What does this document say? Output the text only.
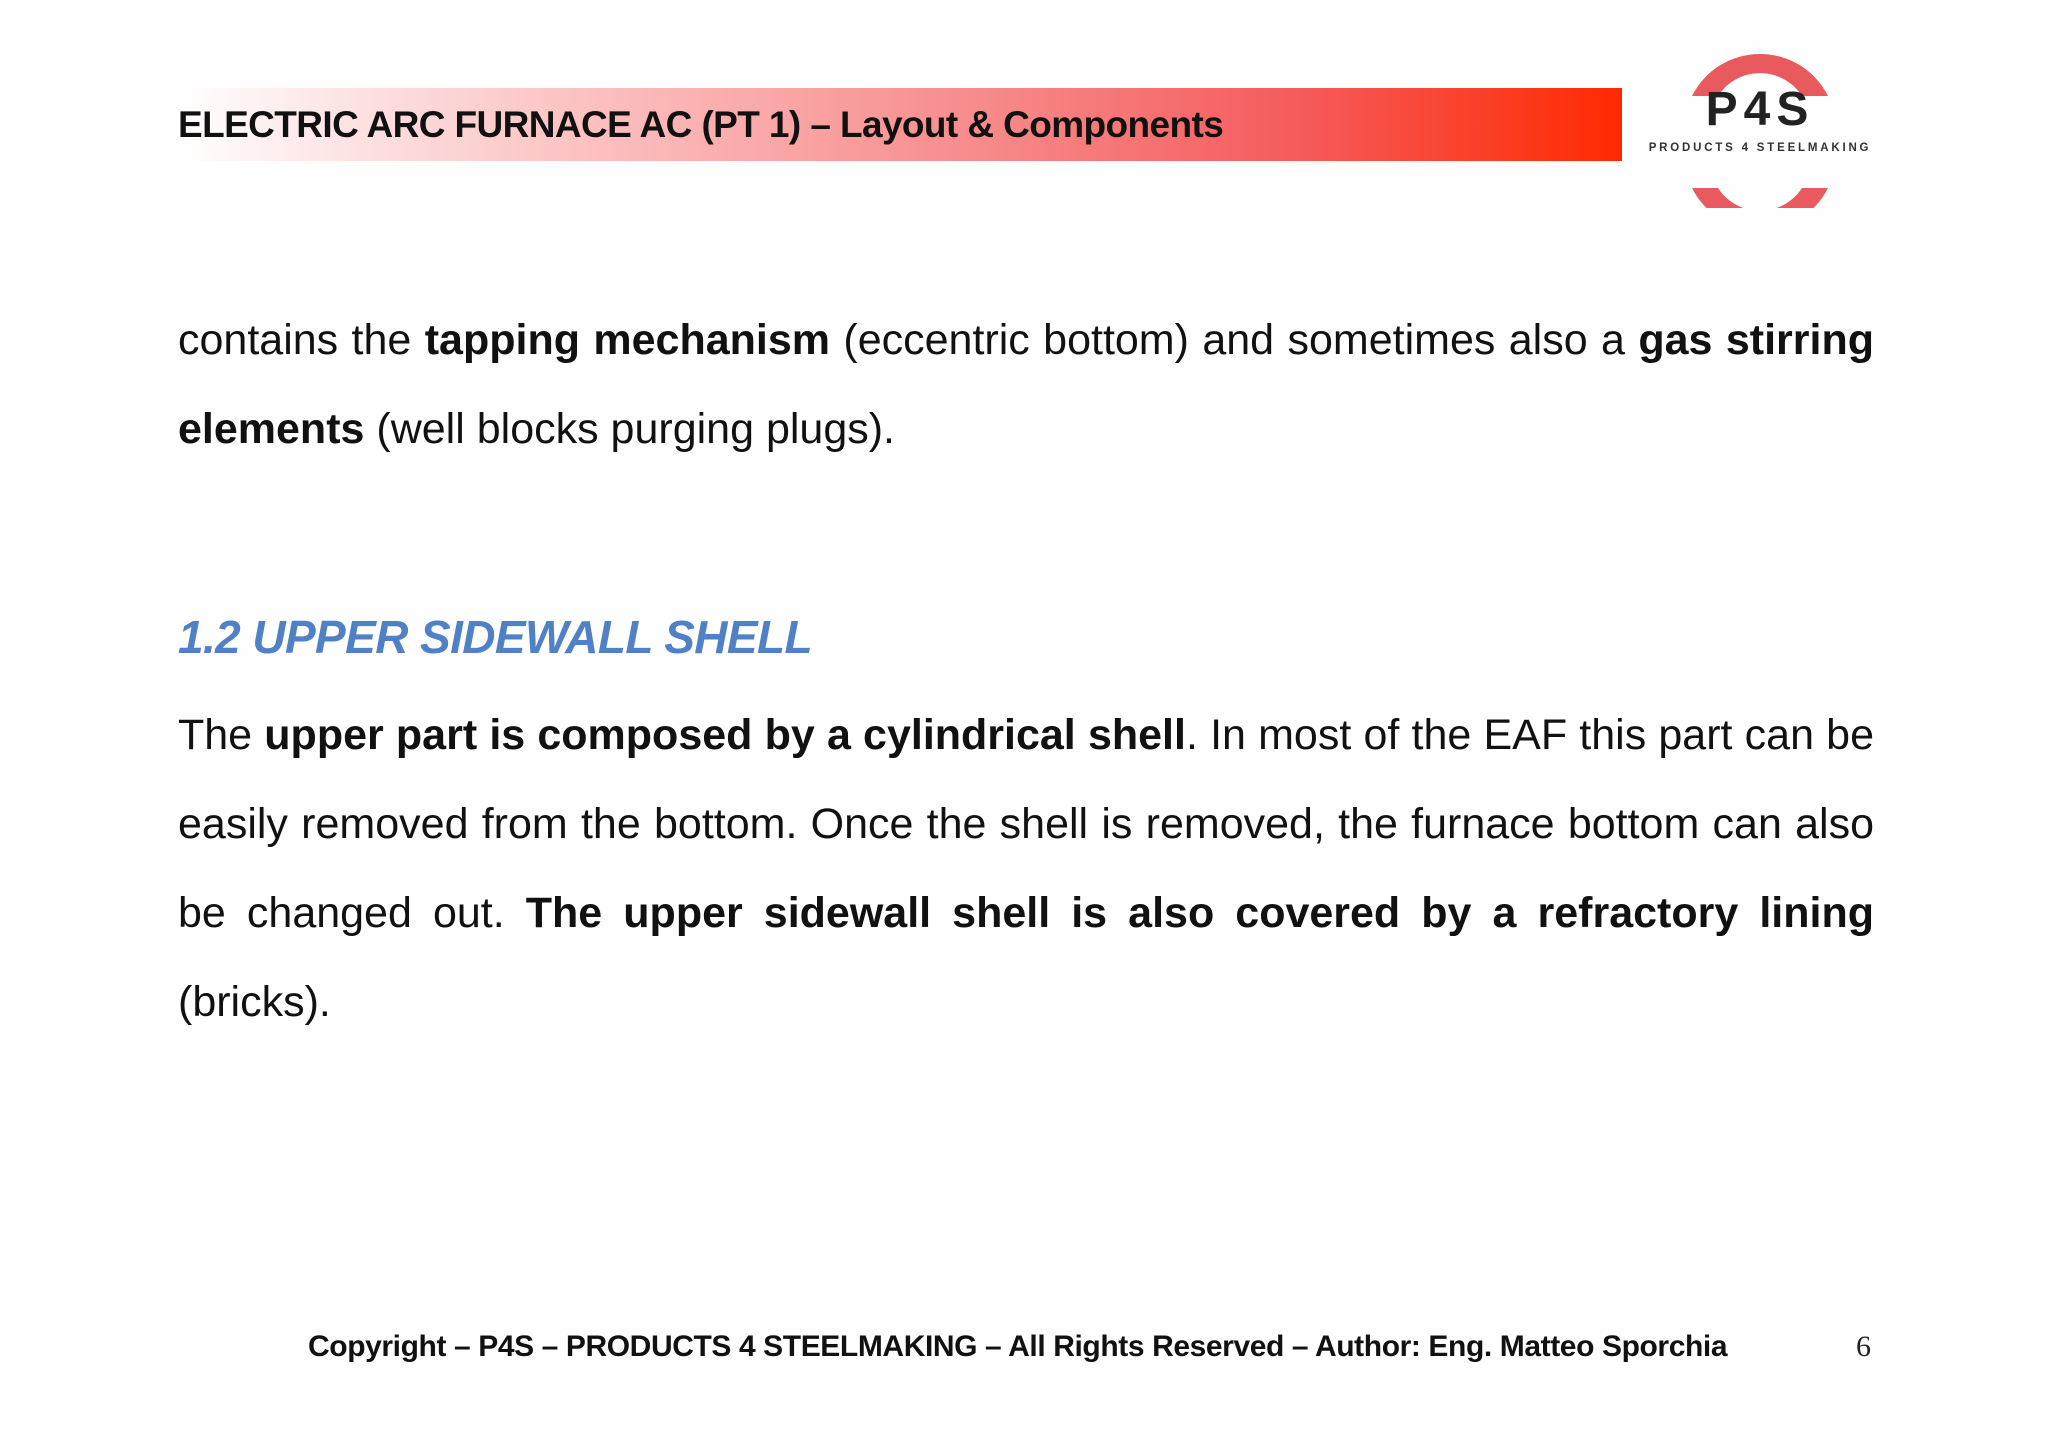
ELECTRIC ARC FURNACE AC (PT 1) – Layout & Components	P4S
PRODUCTS 4 STEELMAKING

contains the tapping mechanism (eccentric bottom) and sometimes also a gas stirring elements (well blocks purging plugs).

1.2 UPPER SIDEWALL SHELL

The upper part is composed by a cylindrical shell. In most of the EAF this part can be easily removed from the bottom. Once the shell is removed, the furnace bottom can also be changed out. The upper sidewall shell is also covered by a refractory lining (bricks).

Copyright – P4S – PRODUCTS 4 STEELMAKING – All Rights Reserved – Author: Eng. Matteo Sporchia	6
